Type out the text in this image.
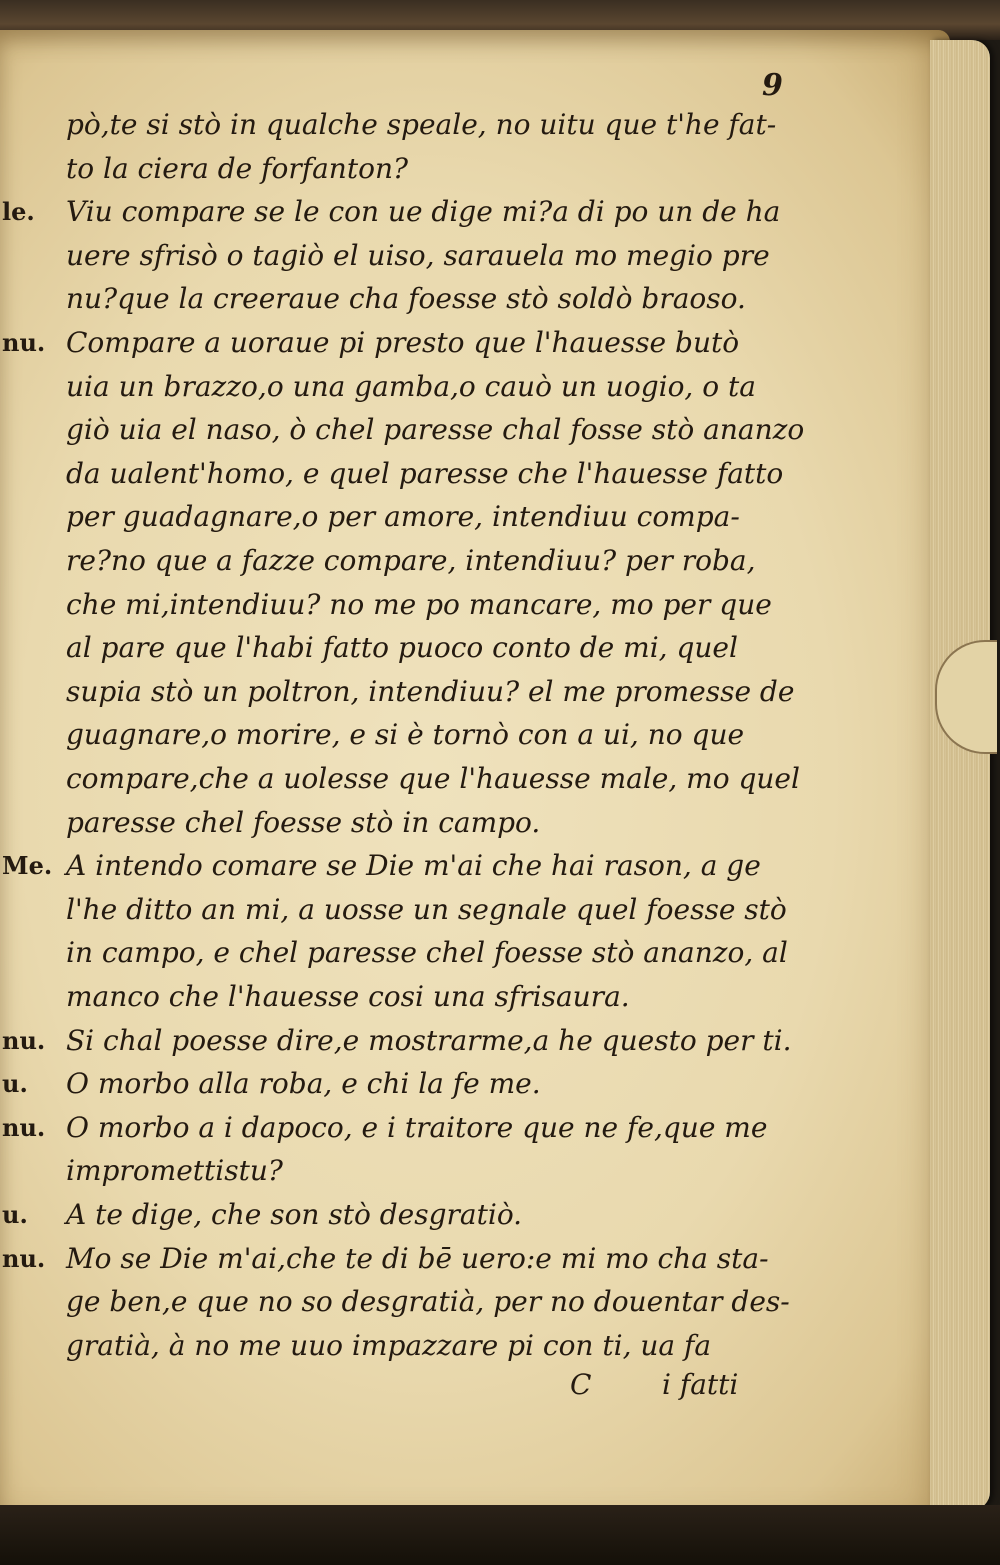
9
pò,te si stò in qualche speale, no uitu que t'he fat-
to la ciera de forfanton?
le. Viu compare se le con ue dige mi?a di po un de ha
uere sfrisò o tagiò el uiso, sarauela mo megio pre
nu?que la creeraue cha foesse stò soldò braoso.
nu. Compare a uoraue pi presto que l'hauesse butò
uia un brazzo,o una gamba,o cauò un uogio, o ta
giò uia el naso, ò chel paresse chal fosse stò ananzo
da ualent'homo, e quel paresse che l'hauesse fatto
per guadagnare,o per amore, intendiuu compa-
re?no que a fazze compare, intendiuu? per roba,
che mi,intendiuu? no me po mancare, mo per que
al pare que l'habi fatto puoco conto de mi, quel
supia stò un poltron, intendiuu? el me promesse de
guagnare,o morire, e si è tornò con a ui, no que
compare,che a uolesse que l'hauesse male, mo quel
paresse chel foesse stò in campo.
Me. A intendo comare se Die m'ai che hai rason, a ge
l'he ditto an mi, a uosse un segnale quel foesse stò
in campo, e chel paresse chel foesse stò ananzo, al
manco che l'hauesse cosi una sfrisaura.
nu. Si chal poesse dire,e mostrarme,a he questo per ti.
u. O morbo alla roba, e chi la fe me.
nu. O morbo a i dapoco, e i traitore que ne fe,que me
impromettistu?
u. A te dige, che son stò desgratiò.
nu. Mo se Die m'ai,che te di bē uero:e mi mo cha sta-
ge ben,e que no so desgratià, per no douentar des-
gratià, à no me uuo impazzare pi con ti, ua fa
C	i fatti
